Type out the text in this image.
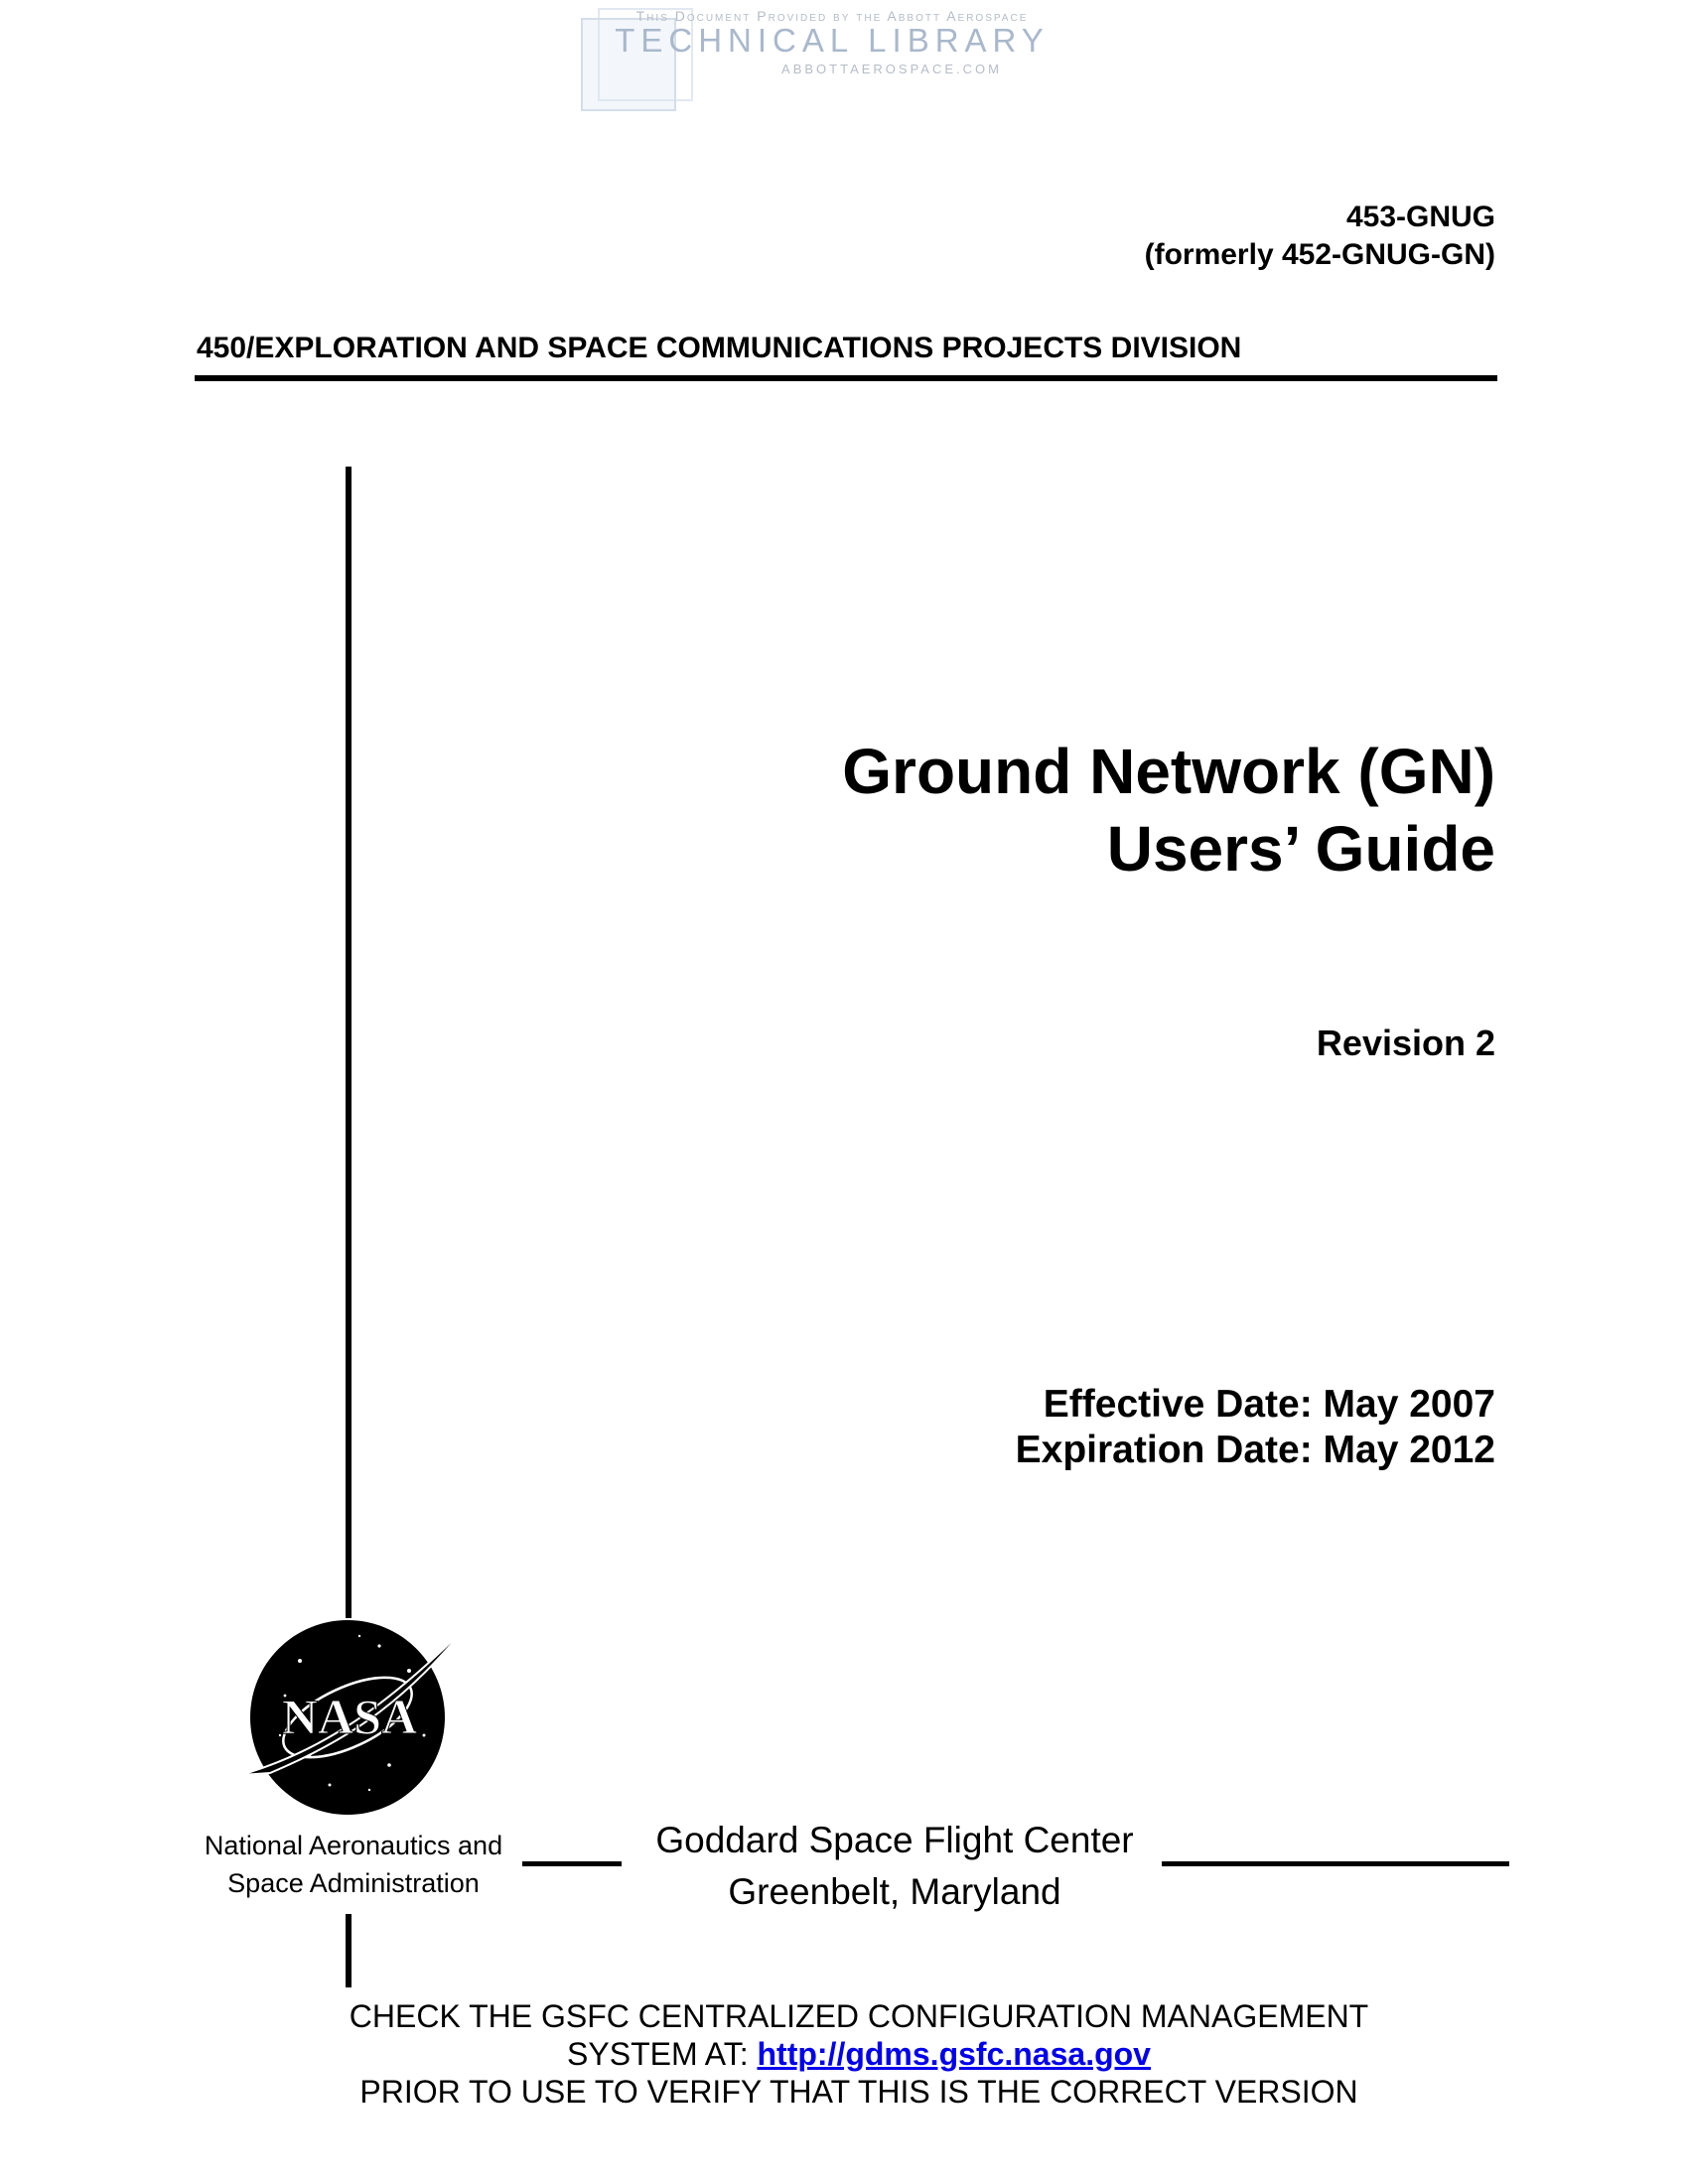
This Document Provided by the Abbott Aerospace
TECHNICAL LIBRARY
ABBOTTAEROSPACE.COM
453-GNUG
(formerly 452-GNUG-GN)
450/EXPLORATION AND SPACE COMMUNICATIONS PROJECTS DIVISION
Ground Network (GN)
Users’ Guide
Revision 2
Effective Date: May 2007
Expiration Date: May 2012
NASA
National Aeronautics and
Space Administration
Goddard Space Flight Center
Greenbelt, Maryland
CHECK THE GSFC CENTRALIZED CONFIGURATION MANAGEMENT
SYSTEM AT: http://gdms.gsfc.nasa.gov
PRIOR TO USE TO VERIFY THAT THIS IS THE CORRECT VERSION
